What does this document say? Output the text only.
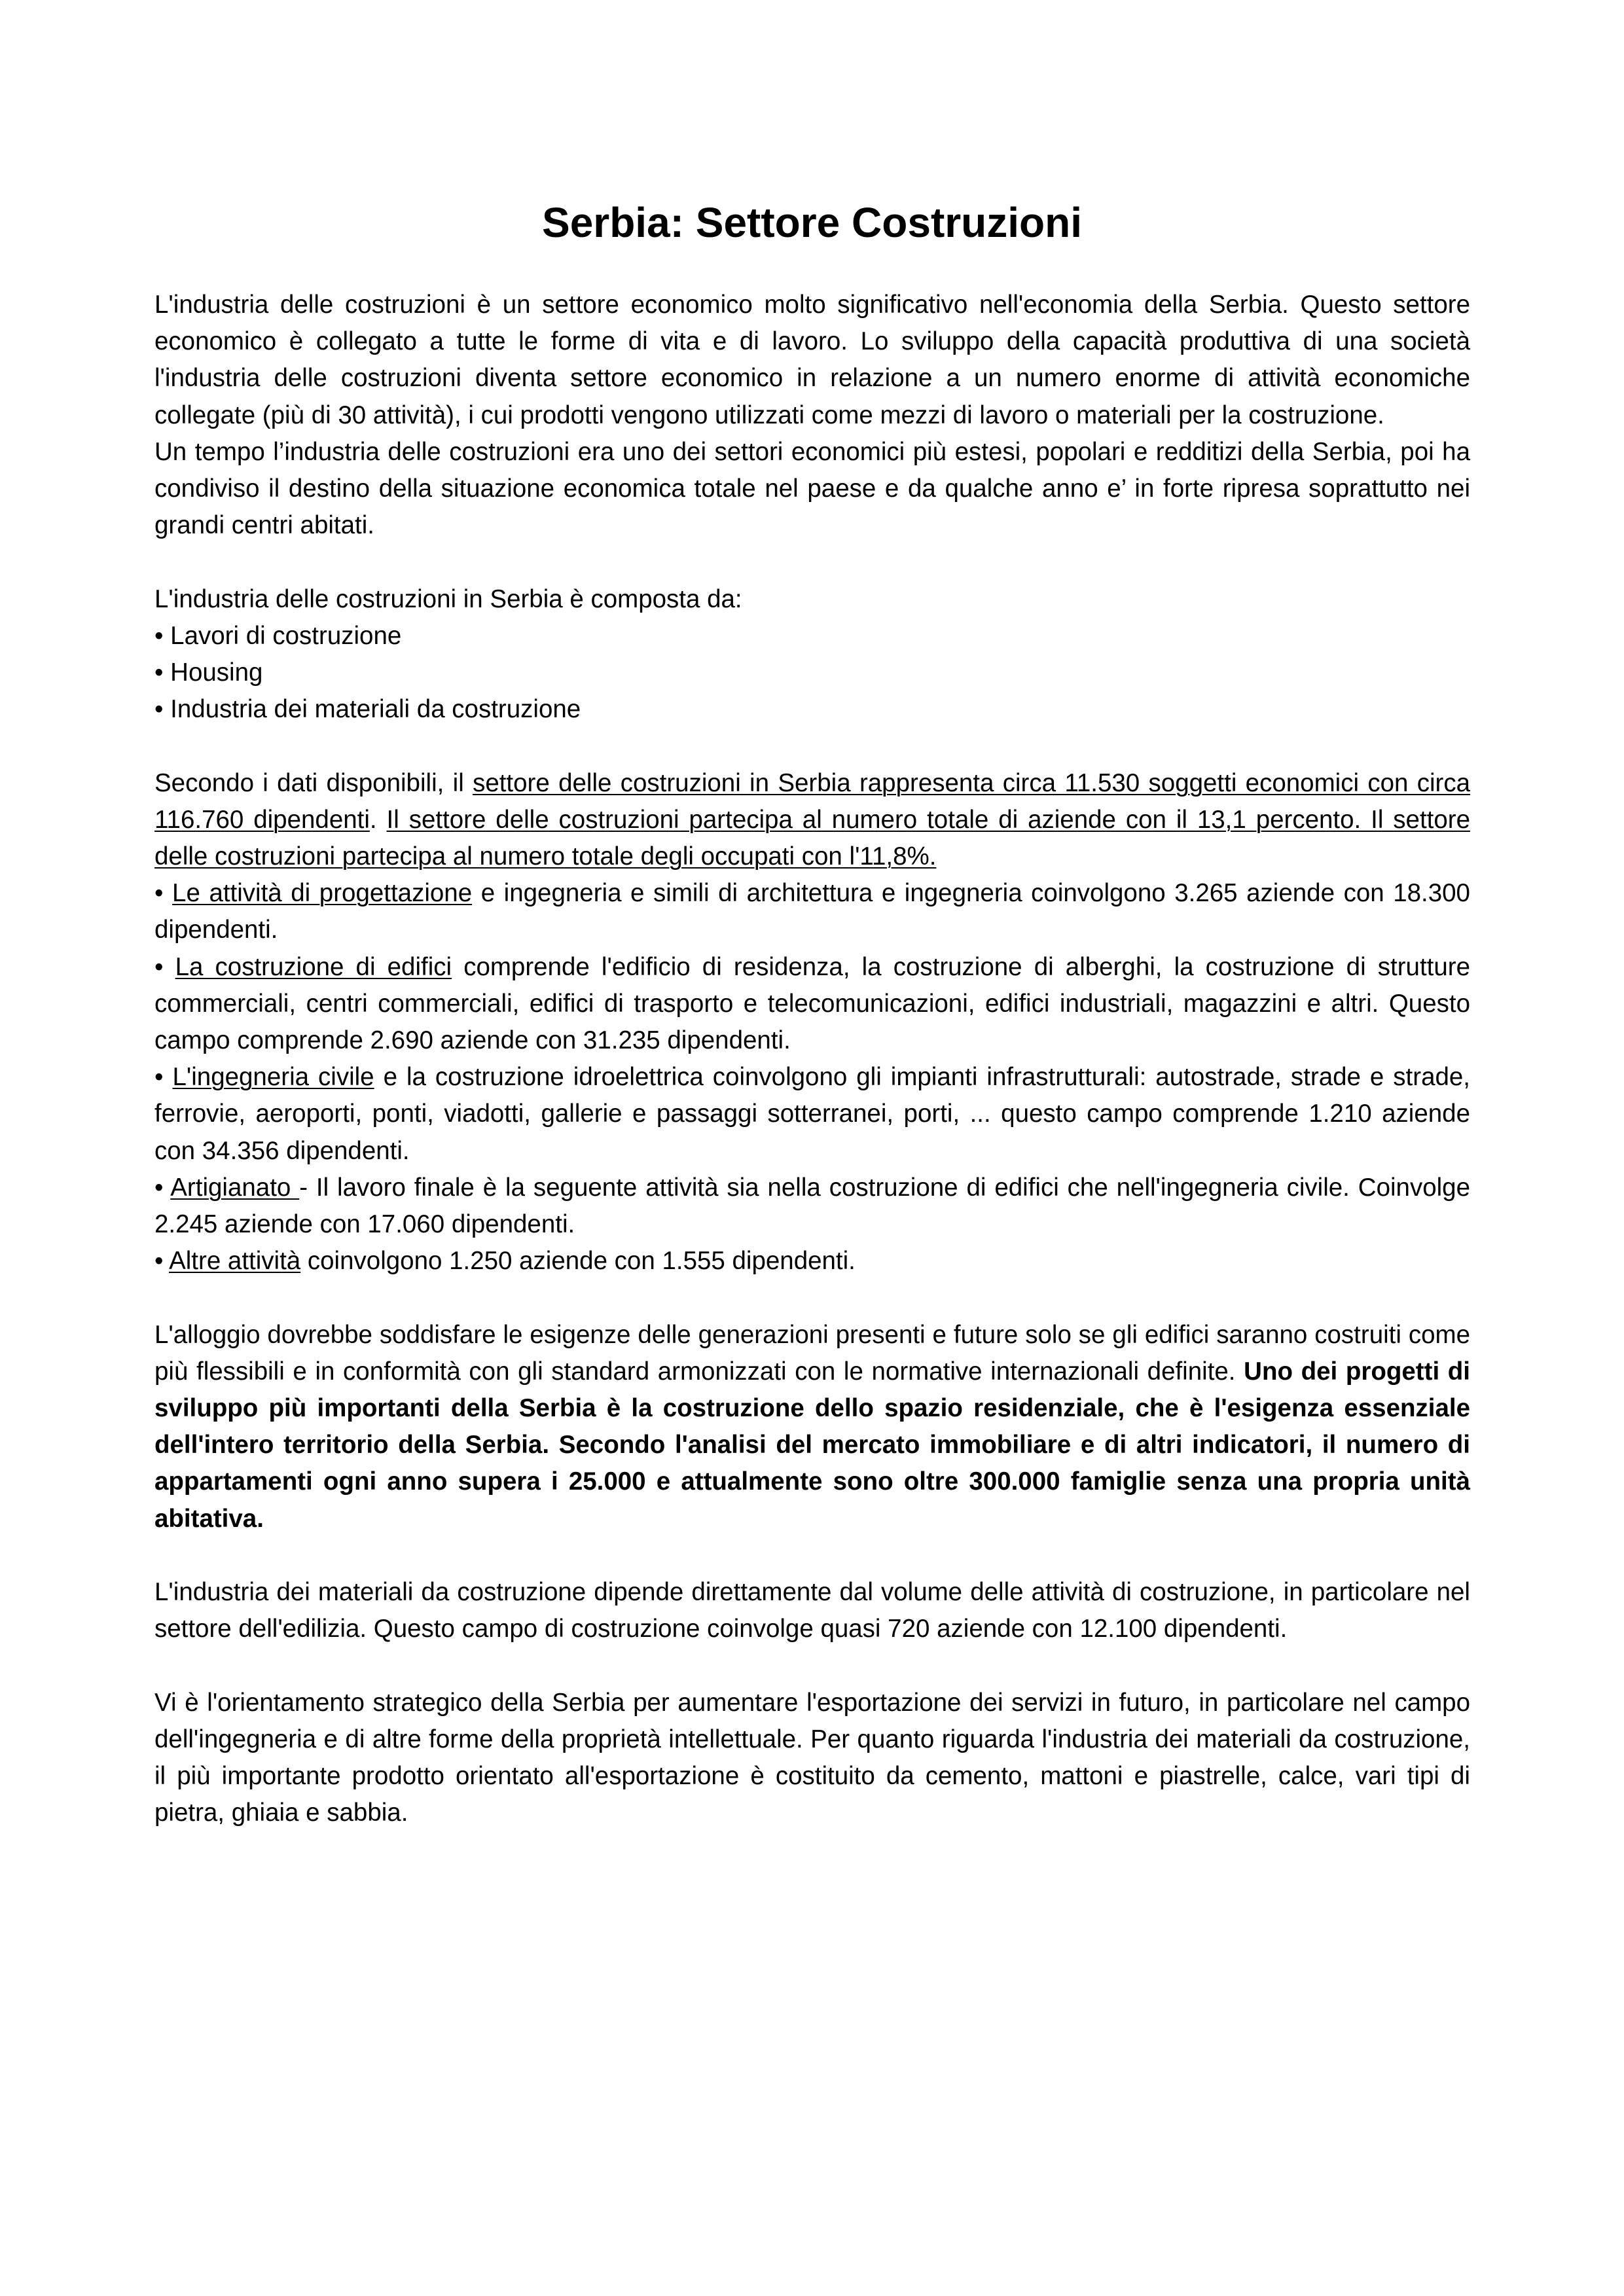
Serbia: Settore Costruzioni

L'industria delle costruzioni è un settore economico molto significativo nell'economia della Serbia. Questo settore economico è collegato a tutte le forme di vita e di lavoro. Lo sviluppo della capacità produttiva di una società l'industria delle costruzioni diventa settore economico in relazione a un numero enorme di attività economiche collegate (più di 30 attività), i cui prodotti vengono utilizzati come mezzi di lavoro o materiali per la costruzione.

Un tempo l’industria delle costruzioni era uno dei settori economici più estesi, popolari e redditizi della Serbia, poi ha condiviso il destino della situazione economica totale nel paese e da qualche anno e’ in forte ripresa soprattutto nei grandi centri abitati.

L'industria delle costruzioni in Serbia è composta da:

• Lavori di costruzione

• Housing

• Industria dei materiali da costruzione

Secondo i dati disponibili, il settore delle costruzioni in Serbia rappresenta circa 11.530 soggetti economici con circa 116.760 dipendenti. Il settore delle costruzioni partecipa al numero totale di aziende con il 13,1 percento. Il settore delle costruzioni partecipa al numero totale degli occupati con l'11,8%.

• Le attività di progettazione e ingegneria e simili di architettura e ingegneria coinvolgono 3.265 aziende con 18.300 dipendenti.

• La costruzione di edifici comprende l'edificio di residenza, la costruzione di alberghi, la costruzione di strutture commerciali, centri commerciali, edifici di trasporto e telecomunicazioni, edifici industriali, magazzini e altri. Questo campo comprende 2.690 aziende con 31.235 dipendenti.

• L'ingegneria civile e la costruzione idroelettrica coinvolgono gli impianti infrastrutturali: autostrade, strade e strade, ferrovie, aeroporti, ponti, viadotti, gallerie e passaggi sotterranei, porti, ... questo campo comprende 1.210 aziende con 34.356 dipendenti.

• Artigianato - Il lavoro finale è la seguente attività sia nella costruzione di edifici che nell'ingegneria civile. Coinvolge 2.245 aziende con 17.060 dipendenti.

• Altre attività coinvolgono 1.250 aziende con 1.555 dipendenti.

L'alloggio dovrebbe soddisfare le esigenze delle generazioni presenti e future solo se gli edifici saranno costruiti come più flessibili e in conformità con gli standard armonizzati con le normative internazionali definite. Uno dei progetti di sviluppo più importanti della Serbia è la costruzione dello spazio residenziale, che è l'esigenza essenziale dell'intero territorio della Serbia. Secondo l'analisi del mercato immobiliare e di altri indicatori, il numero di appartamenti ogni anno supera i 25.000 e attualmente sono oltre 300.000 famiglie senza una propria unità abitativa.

L'industria dei materiali da costruzione dipende direttamente dal volume delle attività di costruzione, in particolare nel settore dell'edilizia. Questo campo di costruzione coinvolge quasi 720 aziende con 12.100 dipendenti.

Vi è l'orientamento strategico della Serbia per aumentare l'esportazione dei servizi in futuro, in particolare nel campo dell'ingegneria e di altre forme della proprietà intellettuale. Per quanto riguarda l'industria dei materiali da costruzione, il più importante prodotto orientato all'esportazione è costituito da cemento, mattoni e piastrelle, calce, vari tipi di pietra, ghiaia e sabbia.
